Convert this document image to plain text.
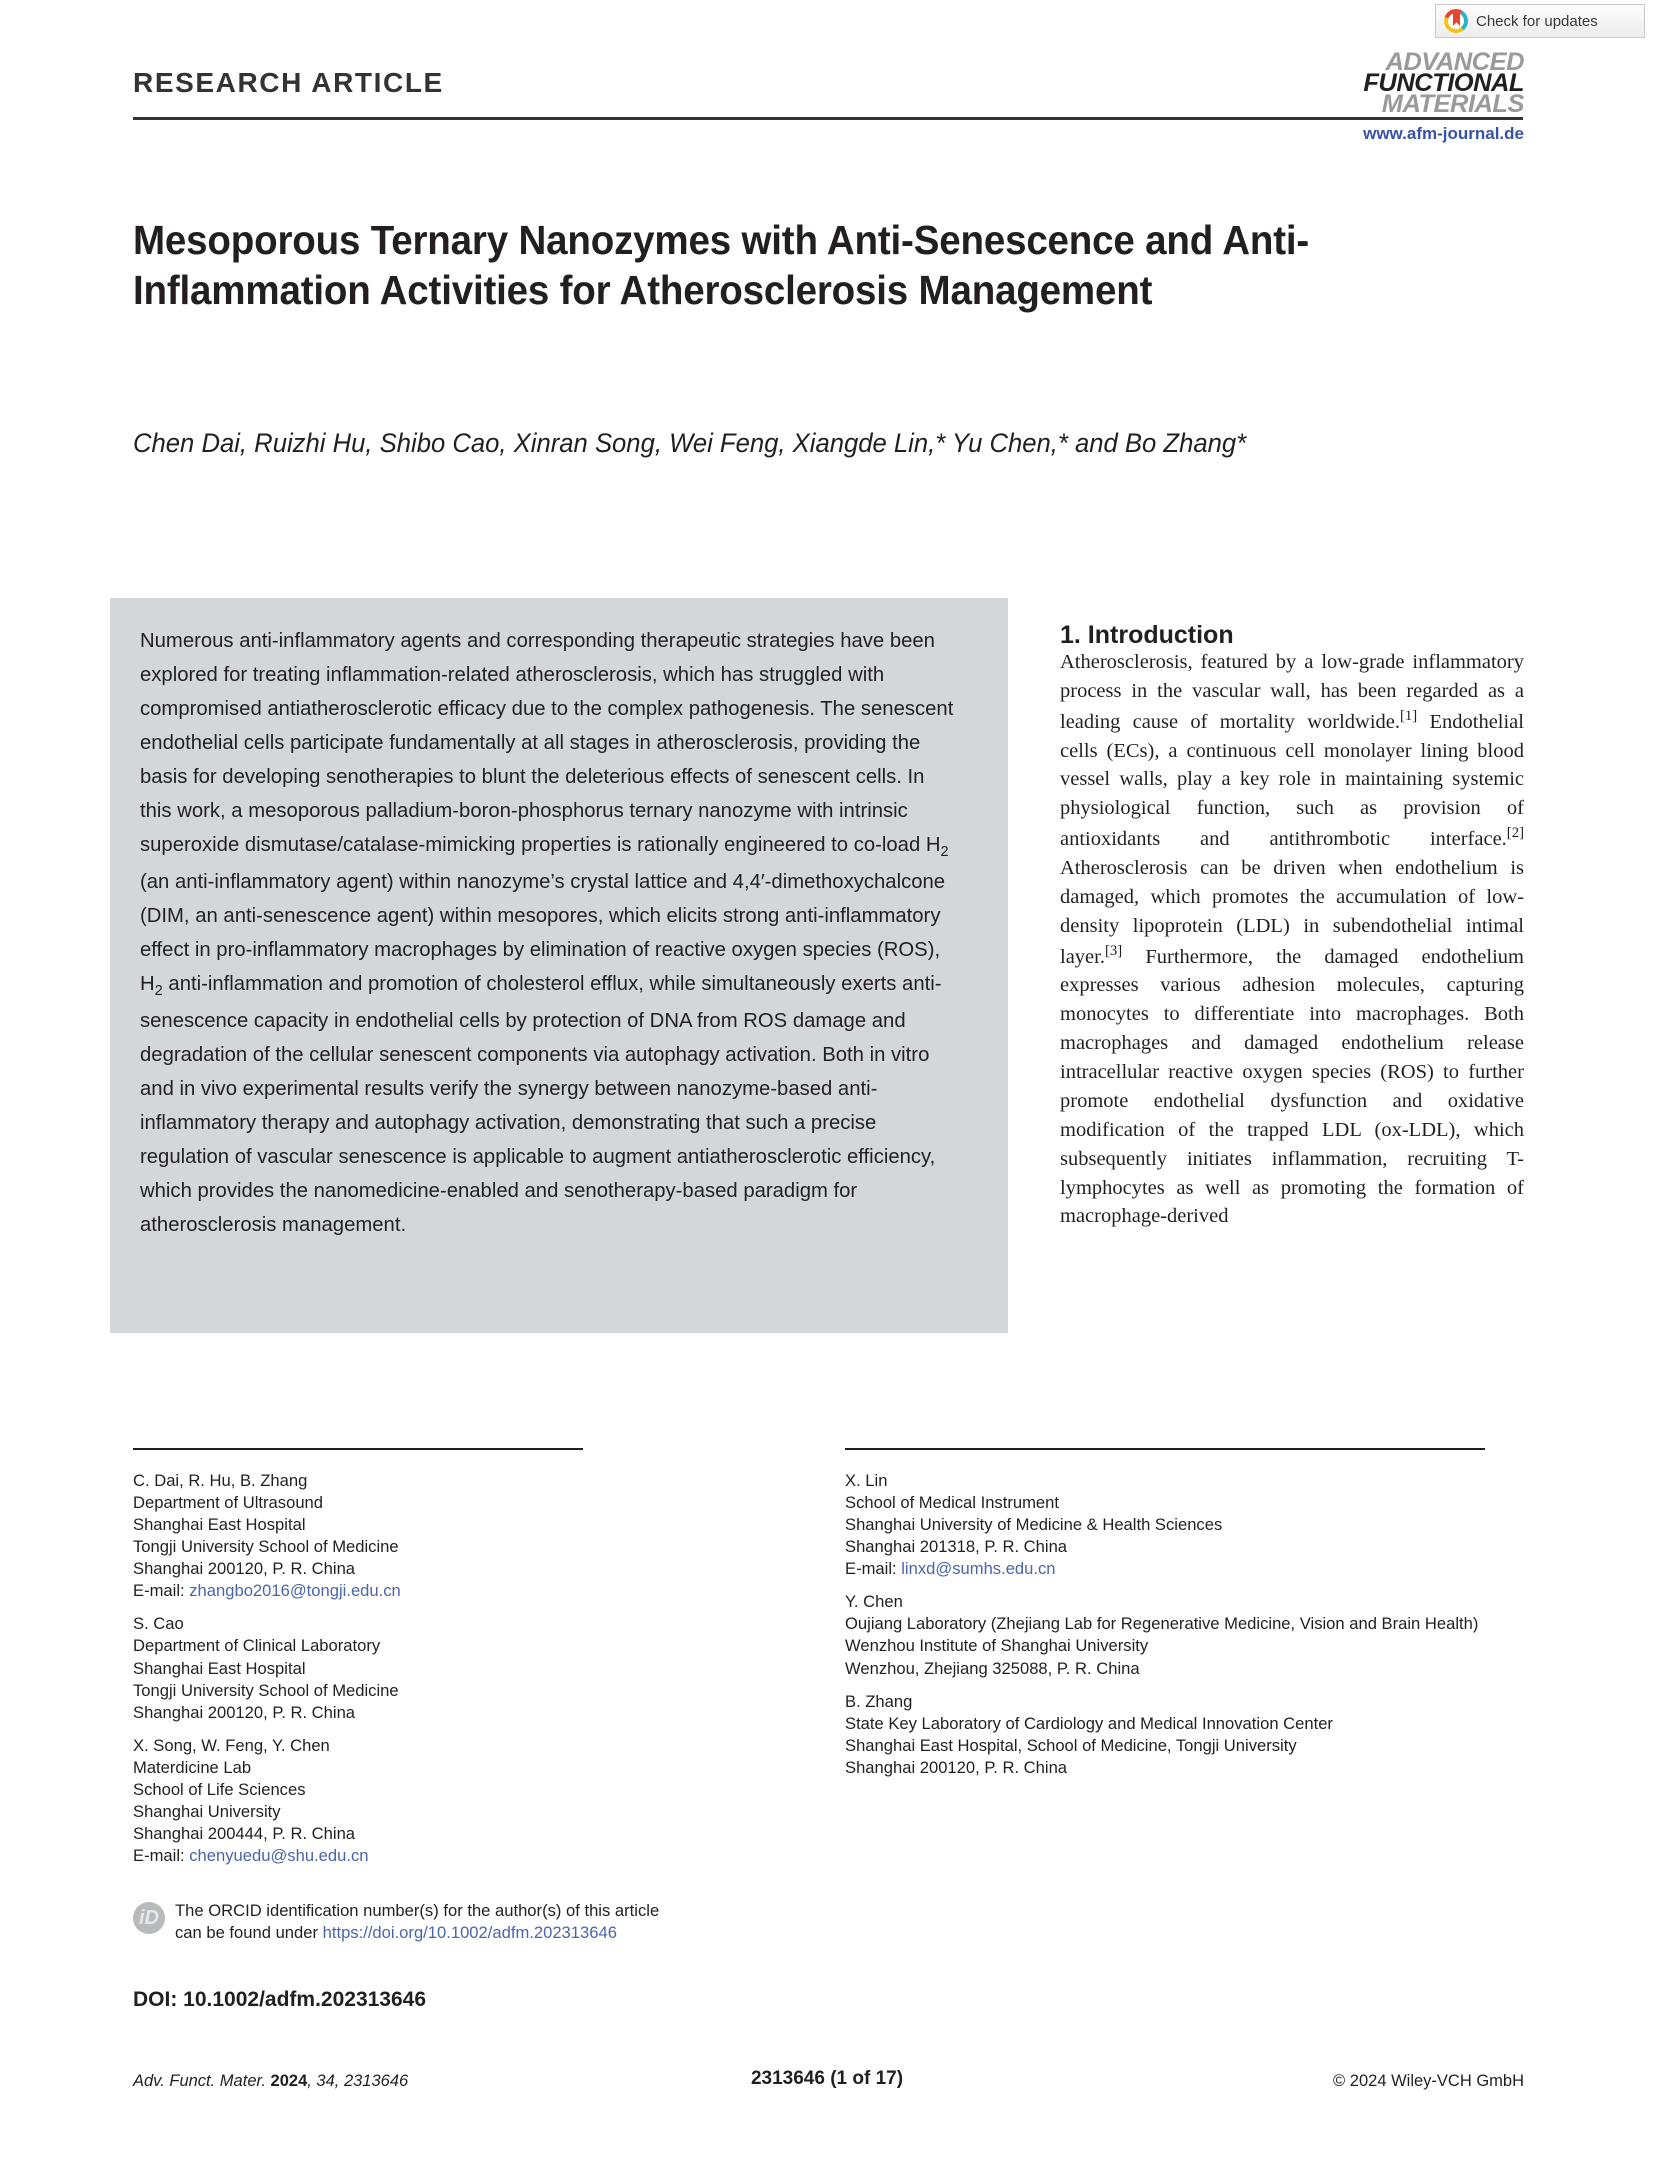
Check for updates
RESEARCH ARTICLE
ADVANCED
FUNCTIONAL
MATERIALS
www.afm-journal.de
Mesoporous Ternary Nanozymes with Anti-Senescence and Anti-Inflammation Activities for Atherosclerosis Management
Chen Dai, Ruizhi Hu, Shibo Cao, Xinran Song, Wei Feng, Xiangde Lin,* Yu Chen,* and Bo Zhang*

Numerous anti-inflammatory agents and corresponding therapeutic strategies have been explored for treating inflammation-related atherosclerosis, which has struggled with compromised antiatherosclerotic efficacy due to the complex pathogenesis. The senescent endothelial cells participate fundamentally at all stages in atherosclerosis, providing the basis for developing senotherapies to blunt the deleterious effects of senescent cells. In this work, a mesoporous palladium-boron-phosphorus ternary nanozyme with intrinsic superoxide dismutase/catalase-mimicking properties is rationally engineered to co-load $H_2$ (an anti-inflammatory agent) within nanozyme’s crystal lattice and 4,4′-dimethoxychalcone (DIM, an anti-senescence agent) within mesopores, which elicits strong anti-inflammatory effect in pro-inflammatory macrophages by elimination of reactive oxygen species (ROS), $H_2$ anti-inflammation and promotion of cholesterol efflux, while simultaneously exerts anti-senescence capacity in endothelial cells by protection of DNA from ROS damage and degradation of the cellular senescent components via autophagy activation. Both in vitro and in vivo experimental results verify the synergy between nanozyme-based anti-inflammatory therapy and autophagy activation, demonstrating that such a precise regulation of vascular senescence is applicable to augment antiatherosclerotic efficiency, which provides the nanomedicine-enabled and senotherapy-based paradigm for atherosclerosis management.

1. Introduction
Atherosclerosis, featured by a low-grade inflammatory process in the vascular wall, has been regarded as a leading cause of mortality worldwide.[1] Endothelial cells (ECs), a continuous cell monolayer lining blood vessel walls, play a key role in maintaining systemic physiological function, such as provision of antioxidants and antithrombotic interface.[2] Atherosclerosis can be driven when endothelium is damaged, which promotes the accumulation of low-density lipoprotein (LDL) in subendothelial intimal layer.[3] Furthermore, the damaged endothelium expresses various adhesion molecules, capturing monocytes to differentiate into macrophages. Both macrophages and damaged endothelium release intracellular reactive oxygen species (ROS) to further promote endothelial dysfunction and oxidative modification of the trapped LDL (ox-LDL), which subsequently initiates inflammation, recruiting T-lymphocytes as well as promoting the formation of macrophage-derived
C. Dai, R. Hu, B. Zhang
Department of Ultrasound
Shanghai East Hospital
Tongji University School of Medicine
Shanghai 200120, P. R. China
E-mail: zhangbo2016@tongji.edu.cn
S. Cao
Department of Clinical Laboratory
Shanghai East Hospital
Tongji University School of Medicine
Shanghai 200120, P. R. China
X. Song, W. Feng, Y. Chen
Materdicine Lab
School of Life Sciences
Shanghai University
Shanghai 200444, P. R. China
E-mail: chenyuedu@shu.edu.cn
X. Lin
School of Medical Instrument
Shanghai University of Medicine & Health Sciences
Shanghai 201318, P. R. China
E-mail: linxd@sumhs.edu.cn
Y. Chen
Oujiang Laboratory (Zhejiang Lab for Regenerative Medicine, Vision and Brain Health)
Wenzhou Institute of Shanghai University
Wenzhou, Zhejiang 325088, P. R. China
B. Zhang
State Key Laboratory of Cardiology and Medical Innovation Center
Shanghai East Hospital, School of Medicine, Tongji University
Shanghai 200120, P. R. China
iD The ORCID identification number(s) for the author(s) of this article
can be found under https://doi.org/10.1002/adfm.202313646
DOI: 10.1002/adfm.202313646
Adv. Funct. Mater. 2024, 34, 2313646	2313646 (1 of 17)	© 2024 Wiley-VCH GmbH
